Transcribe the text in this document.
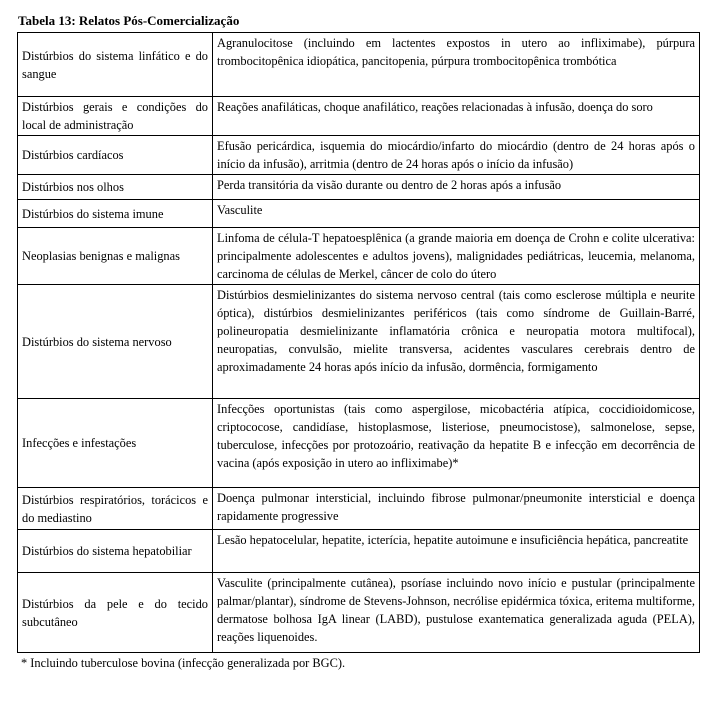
Tabela 13: Relatos Pós-Comercialização
Distúrbios do sistema linfático e do sangue	Agranulocitose (incluindo em lactentes expostos in utero ao infliximabe), púrpura trombocitopênica idiopática, pancitopenia, púrpura trombocitopênica trombótica
Distúrbios gerais e condições do local de administração	Reações anafiláticas, choque anafilático, reações relacionadas à infusão, doença do soro
Distúrbios cardíacos	Efusão pericárdica, isquemia do miocárdio/infarto do miocárdio (dentro de 24 horas após o início da infusão), arritmia (dentro de 24 horas após o início da infusão)
Distúrbios nos olhos	Perda transitória da visão durante ou dentro de 2 horas após a infusão
Distúrbios do sistema imune	Vasculite
Neoplasias benignas e malignas	Linfoma de célula-T hepatoesplênica (a grande maioria em doença de Crohn e colite ulcerativa: principalmente adolescentes e adultos jovens), malignidades pediátricas, leucemia, melanoma, carcinoma de células de Merkel, câncer de colo do útero
Distúrbios do sistema nervoso	Distúrbios desmielinizantes do sistema nervoso central (tais como esclerose múltipla e neurite óptica), distúrbios desmielinizantes periféricos (tais como síndrome de Guillain-Barré, polineuropatia desmielinizante inflamatória crônica e neuropatia motora multifocal), neuropatias, convulsão, mielite transversa, acidentes vasculares cerebrais dentro de aproximadamente 24 horas após início da infusão, dormência, formigamento
Infecções e infestações	Infecções oportunistas (tais como aspergilose, micobactéria atípica, coccidioidomicose, criptococose, candidíase, histoplasmose, listeriose, pneumocistose), salmonelose, sepse, tuberculose, infecções por protozoário, reativação da hepatite B e infecção em decorrência de vacina (após exposição in utero ao infliximabe)*
Distúrbios respiratórios, torácicos e do mediastino	Doença pulmonar intersticial, incluindo fibrose pulmonar/pneumonite intersticial e doença rapidamente progressive
Distúrbios do sistema hepatobiliar	Lesão hepatocelular, hepatite, icterícia, hepatite autoimune e insuficiência hepática, pancreatite
Distúrbios da pele e do tecido subcutâneo	Vasculite (principalmente cutânea), psoríase incluindo novo início e pustular (principalmente palmar/plantar), síndrome de Stevens-Johnson, necrólise epidérmica tóxica, eritema multiforme, dermatose bolhosa IgA linear (LABD), pustulose exantematica generalizada aguda (PELA), reações liquenoides.
* Incluindo tuberculose bovina (infecção generalizada por BGC).
